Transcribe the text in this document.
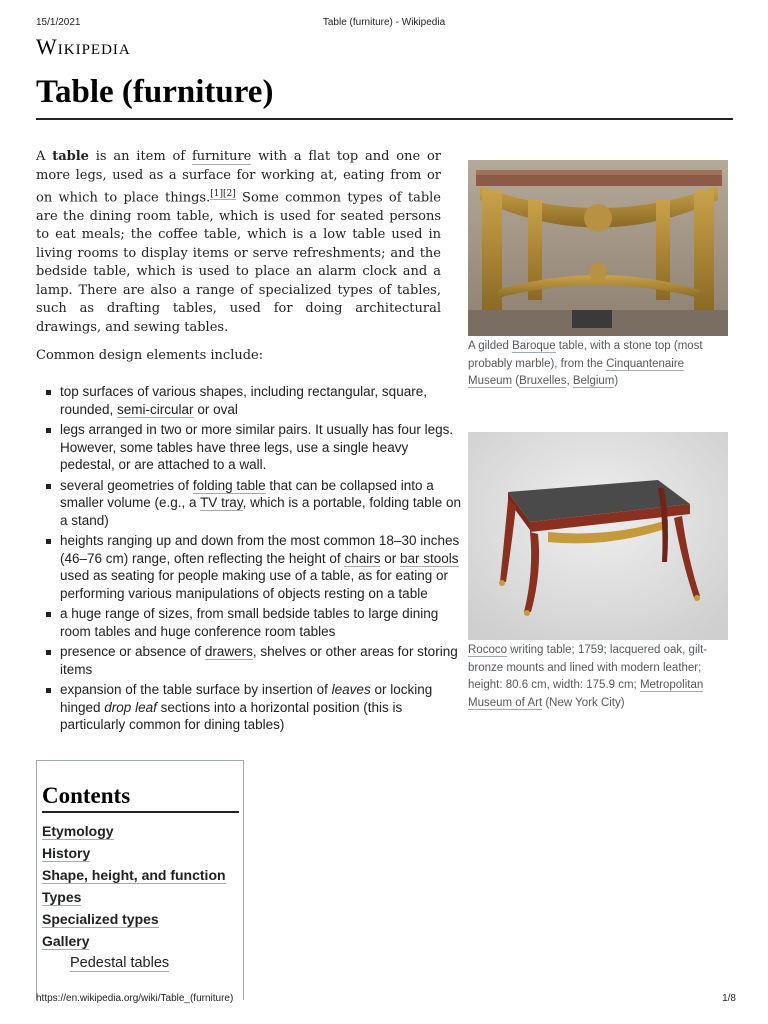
15/1/2021	Table (furniture) - Wikipedia
Wikipedia
Table (furniture)

A table is an item of furniture with a flat top and one or more legs, used as a surface for working at, eating from or on which to place things.[1][2] Some common types of table are the dining room table, which is used for seated persons to eat meals; the coffee table, which is a low table used in living rooms to display items or serve refreshments; and the bedside table, which is used to place an alarm clock and a lamp. There are also a range of specialized types of tables, such as drafting tables, used for doing architectural drawings, and sewing tables.

Common design elements include:

top surfaces of various shapes, including rectangular, square, rounded, semi-circular or oval
legs arranged in two or more similar pairs. It usually has four legs. However, some tables have three legs, use a single heavy pedestal, or are attached to a wall.
several geometries of folding table that can be collapsed into a smaller volume (e.g., a TV tray, which is a portable, folding table on a stand)
heights ranging up and down from the most common 18–30 inches (46–76 cm) range, often reflecting the height of chairs or bar stools used as seating for people making use of a table, as for eating or performing various manipulations of objects resting on a table
a huge range of sizes, from small bedside tables to large dining room tables and huge conference room tables
presence or absence of drawers, shelves or other areas for storing items
expansion of the table surface by insertion of leaves or locking hinged drop leaf sections into a horizontal position (this is particularly common for dining tables)
A gilded Baroque table, with a stone top (most probably marble), from the Cinquantenaire Museum (Bruxelles, Belgium)
Rococo writing table; 1759; lacquered oak, gilt-bronze mounts and lined with modern leather; height: 80.6 cm, width: 175.9 cm; Metropolitan Museum of Art (New York City)
Contents
Etymology
History
Shape, height, and function
Types
Specialized types
Gallery
Pedestal tables
https://en.wikipedia.org/wiki/Table_(furniture)	1/8
